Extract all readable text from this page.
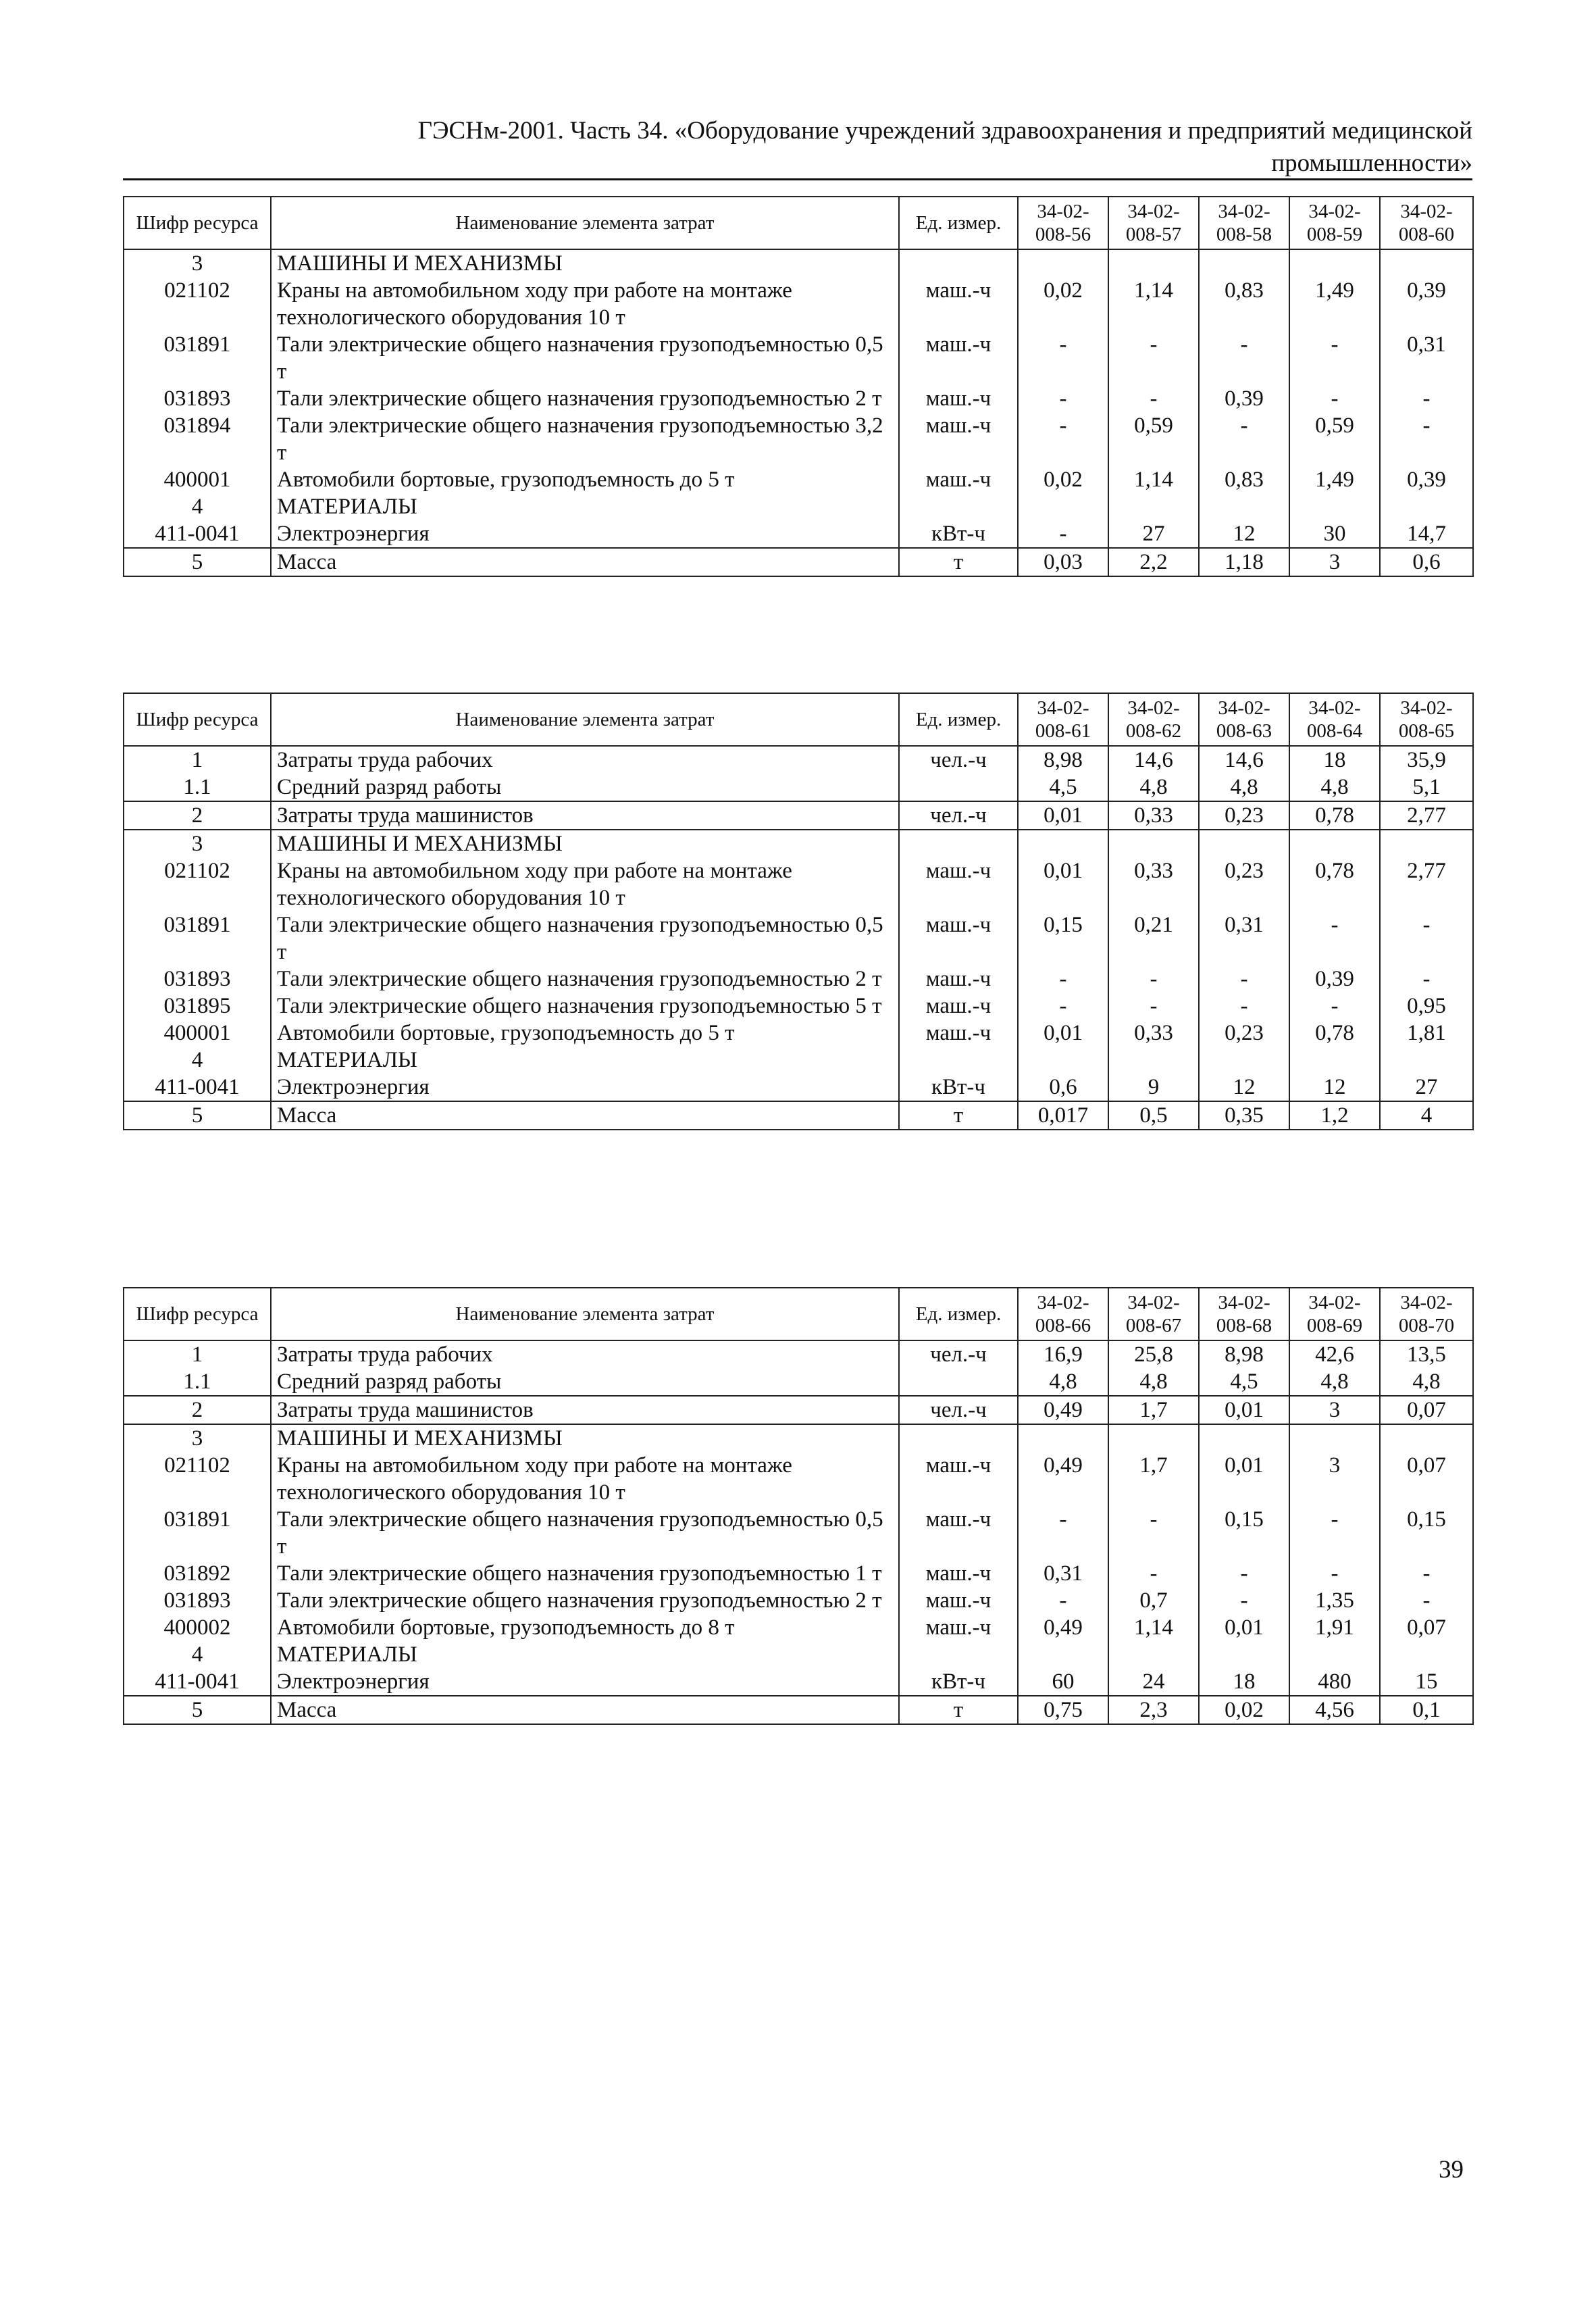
ГЭСНм-2001. Часть 34. «Оборудование учреждений здравоохранения и предприятий медицинской
промышленности»
Шифр ресурса	Наименование элемента затрат	Ед. измер.	34-02-008-56	34-02-008-57	34-02-008-58	34-02-008-59	34-02-008-60
3	МАШИНЫ И МЕХАНИЗМЫ						
021102	Краны на автомобильном ходу при работе на монтаже технологического оборудования 10 т	маш.-ч	0,02	1,14	0,83	1,49	0,39
031891	Тали электрические общего назначения грузоподъемностью 0,5 т	маш.-ч	-	-	-	-	0,31
031893	Тали электрические общего назначения грузоподъемностью 2 т	маш.-ч	-	-	0,39	-	-
031894	Тали электрические общего назначения грузоподъемностью 3,2 т	маш.-ч	-	0,59	-	0,59	-
400001	Автомобили бортовые, грузоподъемность до 5 т	маш.-ч	0,02	1,14	0,83	1,49	0,39
4	МАТЕРИАЛЫ						
411-0041	Электроэнергия	кВт-ч	-	27	12	30	14,7
5	Масса	т	0,03	2,2	1,18	3	0,6
Шифр ресурса	Наименование элемента затрат	Ед. измер.	34-02-008-61	34-02-008-62	34-02-008-63	34-02-008-64	34-02-008-65
1	Затраты труда рабочих	чел.-ч	8,98	14,6	14,6	18	35,9
1.1	Средний разряд работы		4,5	4,8	4,8	4,8	5,1
2	Затраты труда машинистов	чел.-ч	0,01	0,33	0,23	0,78	2,77
3	МАШИНЫ И МЕХАНИЗМЫ						
021102	Краны на автомобильном ходу при работе на монтаже технологического оборудования 10 т	маш.-ч	0,01	0,33	0,23	0,78	2,77
031891	Тали электрические общего назначения грузоподъемностью 0,5 т	маш.-ч	0,15	0,21	0,31	-	-
031893	Тали электрические общего назначения грузоподъемностью 2 т	маш.-ч	-	-	-	0,39	-
031895	Тали электрические общего назначения грузоподъемностью 5 т	маш.-ч	-	-	-	-	0,95
400001	Автомобили бортовые, грузоподъемность до 5 т	маш.-ч	0,01	0,33	0,23	0,78	1,81
4	МАТЕРИАЛЫ						
411-0041	Электроэнергия	кВт-ч	0,6	9	12	12	27
5	Масса	т	0,017	0,5	0,35	1,2	4
Шифр ресурса	Наименование элемента затрат	Ед. измер.	34-02-008-66	34-02-008-67	34-02-008-68	34-02-008-69	34-02-008-70
1	Затраты труда рабочих	чел.-ч	16,9	25,8	8,98	42,6	13,5
1.1	Средний разряд работы		4,8	4,8	4,5	4,8	4,8
2	Затраты труда машинистов	чел.-ч	0,49	1,7	0,01	3	0,07
3	МАШИНЫ И МЕХАНИЗМЫ						
021102	Краны на автомобильном ходу при работе на монтаже технологического оборудования 10 т	маш.-ч	0,49	1,7	0,01	3	0,07
031891	Тали электрические общего назначения грузоподъемностью 0,5 т	маш.-ч	-	-	0,15	-	0,15
031892	Тали электрические общего назначения грузоподъемностью 1 т	маш.-ч	0,31	-	-	-	-
031893	Тали электрические общего назначения грузоподъемностью 2 т	маш.-ч	-	0,7	-	1,35	-
400002	Автомобили бортовые, грузоподъемность до 8 т	маш.-ч	0,49	1,14	0,01	1,91	0,07
4	МАТЕРИАЛЫ						
411-0041	Электроэнергия	кВт-ч	60	24	18	480	15
5	Масса	т	0,75	2,3	0,02	4,56	0,1
39
